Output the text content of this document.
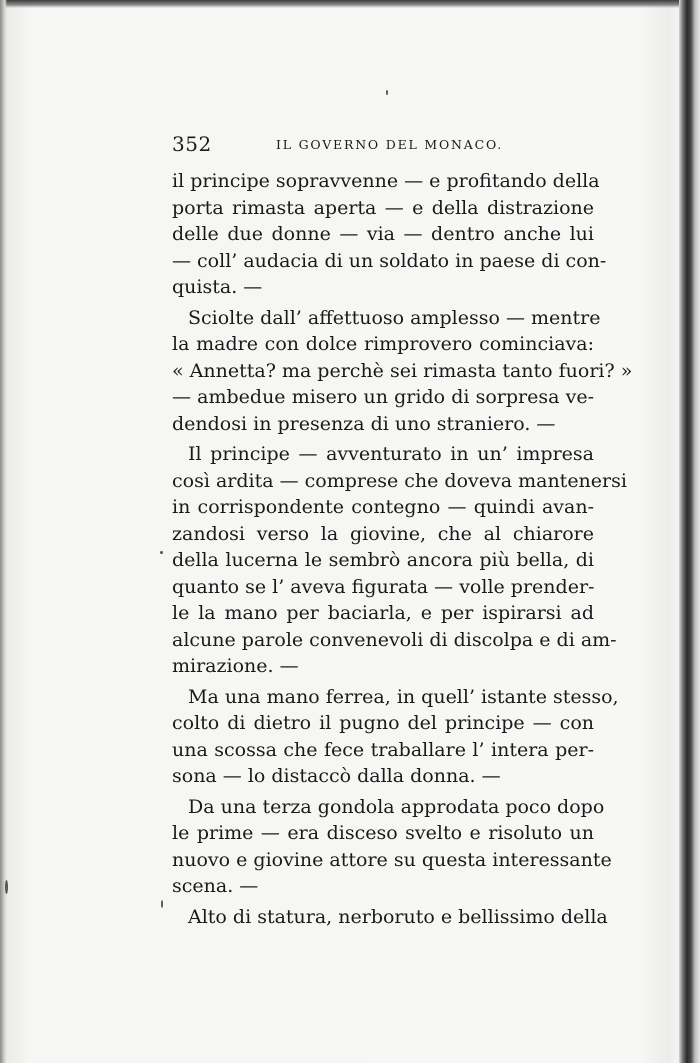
352	IL GOVERNO DEL MONACO.
il principe sopravvenne — e profitando della
porta rimasta aperta — e della distrazione
delle due donne — via — dentro anche lui
— coll’ audacia di un soldato in paese di con-
quista. —
Sciolte dall’ affettuoso amplesso — mentre
la madre con dolce rimprovero cominciava:
« Annetta? ma perchè sei rimasta tanto fuori? »
— ambedue misero un grido di sorpresa ve-
dendosi in presenza di uno straniero. —
Il principe — avventurato in un’ impresa
così ardita — comprese che doveva mantenersi
in corrispondente contegno — quindi avan-
zandosi verso la giovine, che al chiarore
della lucerna le sembrò ancora più bella, di
quanto se l’ aveva figurata — volle prender-
le la mano per baciarla, e per ispirarsi ad
alcune parole convenevoli di discolpa e di am-
mirazione. —
Ma una mano ferrea, in quell’ istante stesso,
colto di dietro il pugno del principe — con
una scossa che fece traballare l’ intera per-
sona — lo distaccò dalla donna. —
Da una terza gondola approdata poco dopo
le prime — era disceso svelto e risoluto un
nuovo e giovine attore su questa interessante
scena. —
Alto di statura, nerboruto e bellissimo della
